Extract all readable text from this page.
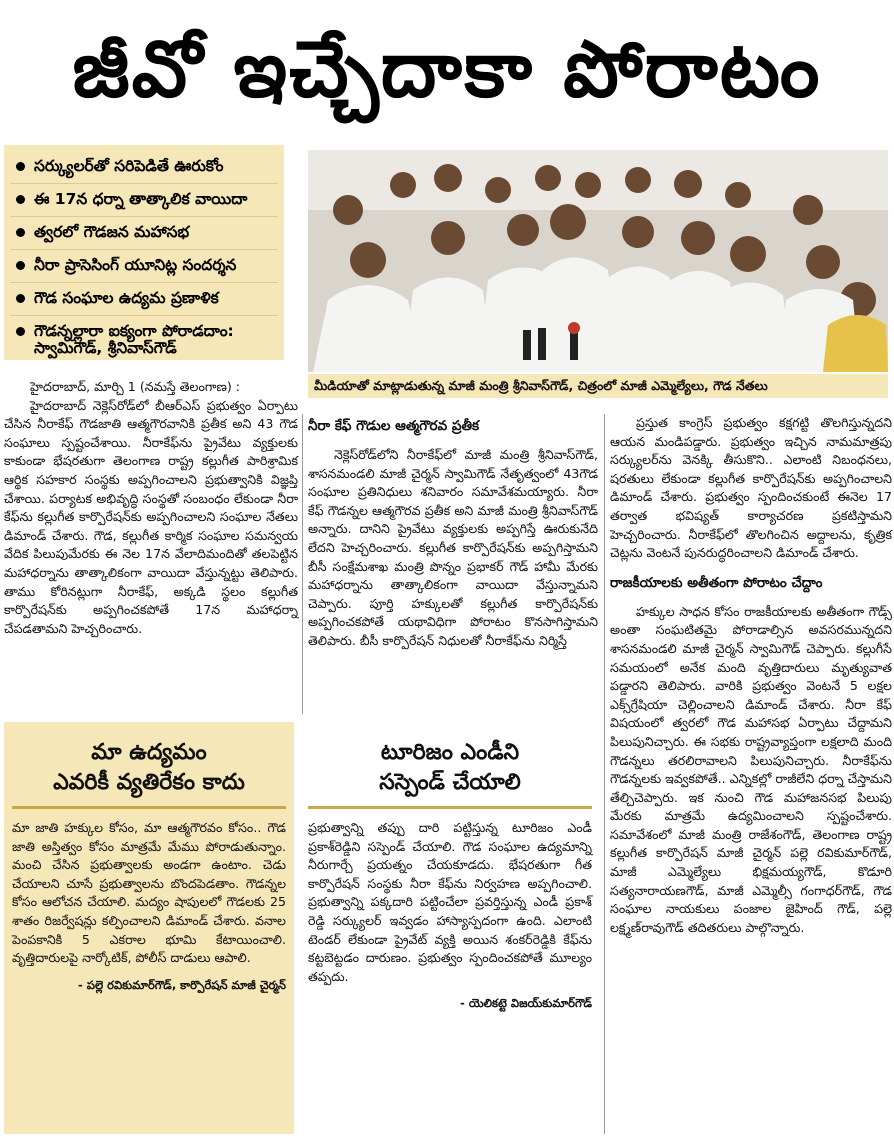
జీవో ఇచ్చేదాకా పోరాటం
సర్క్యులర్‌తో సరిపెడితే ఊరుకోం
ఈ 17న ధర్నా తాత్కాలిక వాయిదా
త్వరలో గౌడజన మహాసభ
నీరా ప్రాసెసింగ్ యూనిట్ల సందర్శన
గౌడ సంఘాల ఉద్యమ ప్రణాళిక
గౌడన్నల్లారా ఐక్యంగా పోరాడదాం:
స్వామిగౌడ్, శ్రీనివాస్‌గౌడ్
మీడియాతో మాట్లాడుతున్న మాజీ మంత్రి శ్రీనివాస్‌గౌడ్, చిత్రంలో మాజీ ఎమ్మెల్యేలు, గౌడ నేతలు

హైదరాబాద్, మార్చి 1 (నమస్తే తెలంగాణ) :

హైదరాబాద్ నెక్లెస్‌రోడ్‌లో బీఆర్‌ఎస్ ప్రభుత్వం ఏర్పాటు చేసిన నీరాకేఫ్ గౌడజాతి ఆత్మగౌరవానికి ప్రతీక అని 43 గౌడ సంఘాలు స్పష్టంచేశాయి. నీరాకేఫ్‌ను ప్రైవేటు వ్యక్తులకు కాకుండా భేషరతుగా తెలంగాణ రాష్ట్ర కల్లుగీత పారిశ్రామిక ఆర్థిక సహకార సంస్థకు అప్పగించాలని ప్రభుత్వానికి విజ్ఞప్తి చేశాయి. పర్యాటక అభివృద్ధి సంస్థతో సంబంధం లేకుండా నీరా కేఫ్‌ను కల్లుగీత కార్పొరేషన్‌కు అప్పగించాలని సంఘాల నేతలు డిమాండ్ చేశారు. గౌడ, కల్లుగీత కార్మిక సంఘాల సమన్వయ వేదిక పిలుపుమేరకు ఈ నెల 17న వేలాదిమందితో తలపెట్టిన మహాధర్నాను తాత్కాలికంగా వాయిదా వేస్తున్నట్టు తెలిపారు. తాము కోరినట్లుగా నీరాకేఫ్, అక్కడి స్థలం కల్లుగీత కార్పొరేషన్‌కు అప్పగించకపోతే 17న మహాధర్నా చేపడతామని హెచ్చరించారు.

నీరా కేఫ్ గౌడుల ఆత్మగౌరవ ప్రతీక

నెక్లెస్‌రోడ్‌లోని నీరాకేఫ్‌లో మాజీ మంత్రి శ్రీనివాస్‌గౌడ్, శాసనమండలి మాజీ చైర్మన్ స్వామిగౌడ్ నేతృత్వంలో 43గౌడ సంఘాల ప్రతినిధులు శనివారం సమావేశమయ్యారు. నీరా కేఫ్ గౌడన్నల ఆత్మగౌరవ ప్రతీక అని మాజీ మంత్రి శ్రీనివాస్‌గౌడ్ అన్నారు. దానిని ప్రైవేటు వ్యక్తులకు అప్పగిస్తే ఊరుకునేది లేదని హెచ్చరించారు. కల్లుగీత కార్పొరేషన్‌కు అప్పగిస్తామని బీసీ సంక్షేమశాఖ మంత్రి పొన్నం ప్రభాకర్ గౌడ్ హామీ మేరకు మహాధర్నాను తాత్కాలికంగా వాయిదా వేస్తున్నామని చెప్పారు. పూర్తి హక్కులతో కల్లుగీత కార్పొరేషన్‌కు అప్పగించకపోతే యథావిధిగా పోరాటం కొనసాగిస్తామని తెలిపారు. బీసీ కార్పొరేషన్ నిధులతో నీరాకేఫ్‌ను నిర్మిస్తే

ప్రస్తుత కాంగ్రెస్ ప్రభుత్వం కక్షగట్టి తొలగిస్తున్నదని ఆయన మండిపడ్డారు. ప్రభుత్వం ఇచ్చిన నామమాత్రపు సర్క్యులర్‌ను వెనక్కి తీసుకొని.. ఎలాంటి నిబంధనలు, షరతులు లేకుండా కల్లుగీత కార్పొరేషన్‌కు అప్పగించాలని డిమాండ్ చేశారు. ప్రభుత్వం స్పందించకుంటే ఈనెల 17 తర్వాత భవిష్యత్ కార్యాచరణ ప్రకటిస్తామని హెచ్చరించారు. నీరాకేఫ్‌లో తొలగించిన అద్దాలను, కృత్రిక చెట్లను వెంటనే పునరుద్ధరించాలని డిమాండ్ చేశారు.

రాజకీయాలకు అతీతంగా పోరాటం చేద్దాం

హక్కుల సాధన కోసం రాజకీయాలకు అతీతంగా గౌడ్స్ అంతా సంఘటితమై పోరాడాల్సిన అవసరమున్నదని శాసనమండలి మాజీ చైర్మన్ స్వామిగౌడ్ చెప్పారు. కల్లుగీసే సమయంలో అనేక మంది వృత్తిదారులు మృత్యువాత పడ్డారని తెలిపారు. వారికి ప్రభుత్వం వెంటనే 5 లక్షల ఎక్స్‌గ్రేషియా చెల్లించాలని డిమాండ్ చేశారు. నీరా కేఫ్ విషయంలో త్వరలో గౌడ మహాసభ ఏర్పాటు చేద్దామని పిలుపునిచ్చారు. ఈ సభకు రాష్ట్రవ్యాప్తంగా లక్షలాది మంది గౌడన్నలు తరలిరావాలని పిలుపునిచ్చారు. నీరాకేఫ్‌ను గౌడన్నలకు ఇవ్వకపోతే.. ఎన్నికల్లో రాజీలేని ధర్నా చేస్తామని తేల్చిచెప్పారు. ఇక నుంచి గౌడ మహాజనసభ పిలుపు మేరకు మాత్రమే ఉద్యమించాలని స్పష్టంచేశారు. సమావేశంలో మాజీ మంత్రి రాజేశంగౌడ్, తెలంగాణ రాష్ట్ర కల్లుగీత కార్పొరేషన్ మాజీ చైర్మన్ పల్లె రవికుమార్‌గౌడ్, మాజీ ఎమ్మెల్యేలు భిక్షమయ్యగౌడ్, కొడూరి సత్యనారాయణగౌడ్, మాజీ ఎమ్మెల్సీ గంగాధర్‌గౌడ్, గౌడ సంఘాల నాయకులు పంజాల జైహింద్ గౌడ్, పల్లె లక్ష్మణ్‌రావుగౌడ్ తదితరులు పాల్గొన్నారు.

మా ఉద్యమం
ఎవరికీ వ్యతిరేకం కాదు

మా జాతి హక్కుల కోసం, మా ఆత్మగౌరవం కోసం.. గౌడ జాతి అస్తిత్వం కోసం మాత్రమే మేము పోరాడుతున్నాం. మంచి చేసిన ప్రభుత్వాలకు అండగా ఉంటాం. చెడు చేయాలని చూసే ప్రభుత్వాలను బొందపెడతాం. గౌడన్నల కోసం ఆలోచన చేయాలి. మద్యం షాపులలో గౌడలకు 25 శాతం రిజర్వేషన్లు కల్పించాలని డిమాండ్ చేశారు. వనాల పెంపకానికి 5 ఎకరాల భూమి కేటాయించాలి. వృత్తిదారులపై నార్కోటిక్, పోలీస్ దాడులు ఆపాలి.

- పల్లె రవికుమార్‌గౌడ్, కార్పొరేషన్ మాజీ చైర్మన్
టూరిజం ఎండీని
సస్పెండ్ చేయాలి

ప్రభుత్వాన్ని తప్పు దారి పట్టిస్తున్న టూరిజం ఎండీ ప్రకాశ్‌రెడ్డిని సస్పెండ్ చేయాలి. గౌడ సంఘాల ఉద్యమాన్ని నీరుగార్చే ప్రయత్నం చేయకూడదు. భేషరతుగా గీత కార్పొరేషన్ సంస్థకు నీరా కేఫ్‌ను నిర్వహణ అప్పగించాలి. ప్రభుత్వాన్ని పక్కదారి పట్టించేలా ప్రవర్తిస్తున్న ఎండీ ప్రకాశ్ రెడ్డి సర్క్యులర్ ఇవ్వడం హాస్యాస్పదంగా ఉంది. ఎలాంటి టెండర్ లేకుండా ప్రైవేట్ వ్యక్తి అయిన శంకర్‌రెడ్డికి కేఫ్‌ను కట్టబెట్టడం దారుణం. ప్రభుత్వం స్పందించకపోతే మూల్యం తప్పదు.

- యెలికట్టె విజయ్‌కుమార్‌గౌడ్
